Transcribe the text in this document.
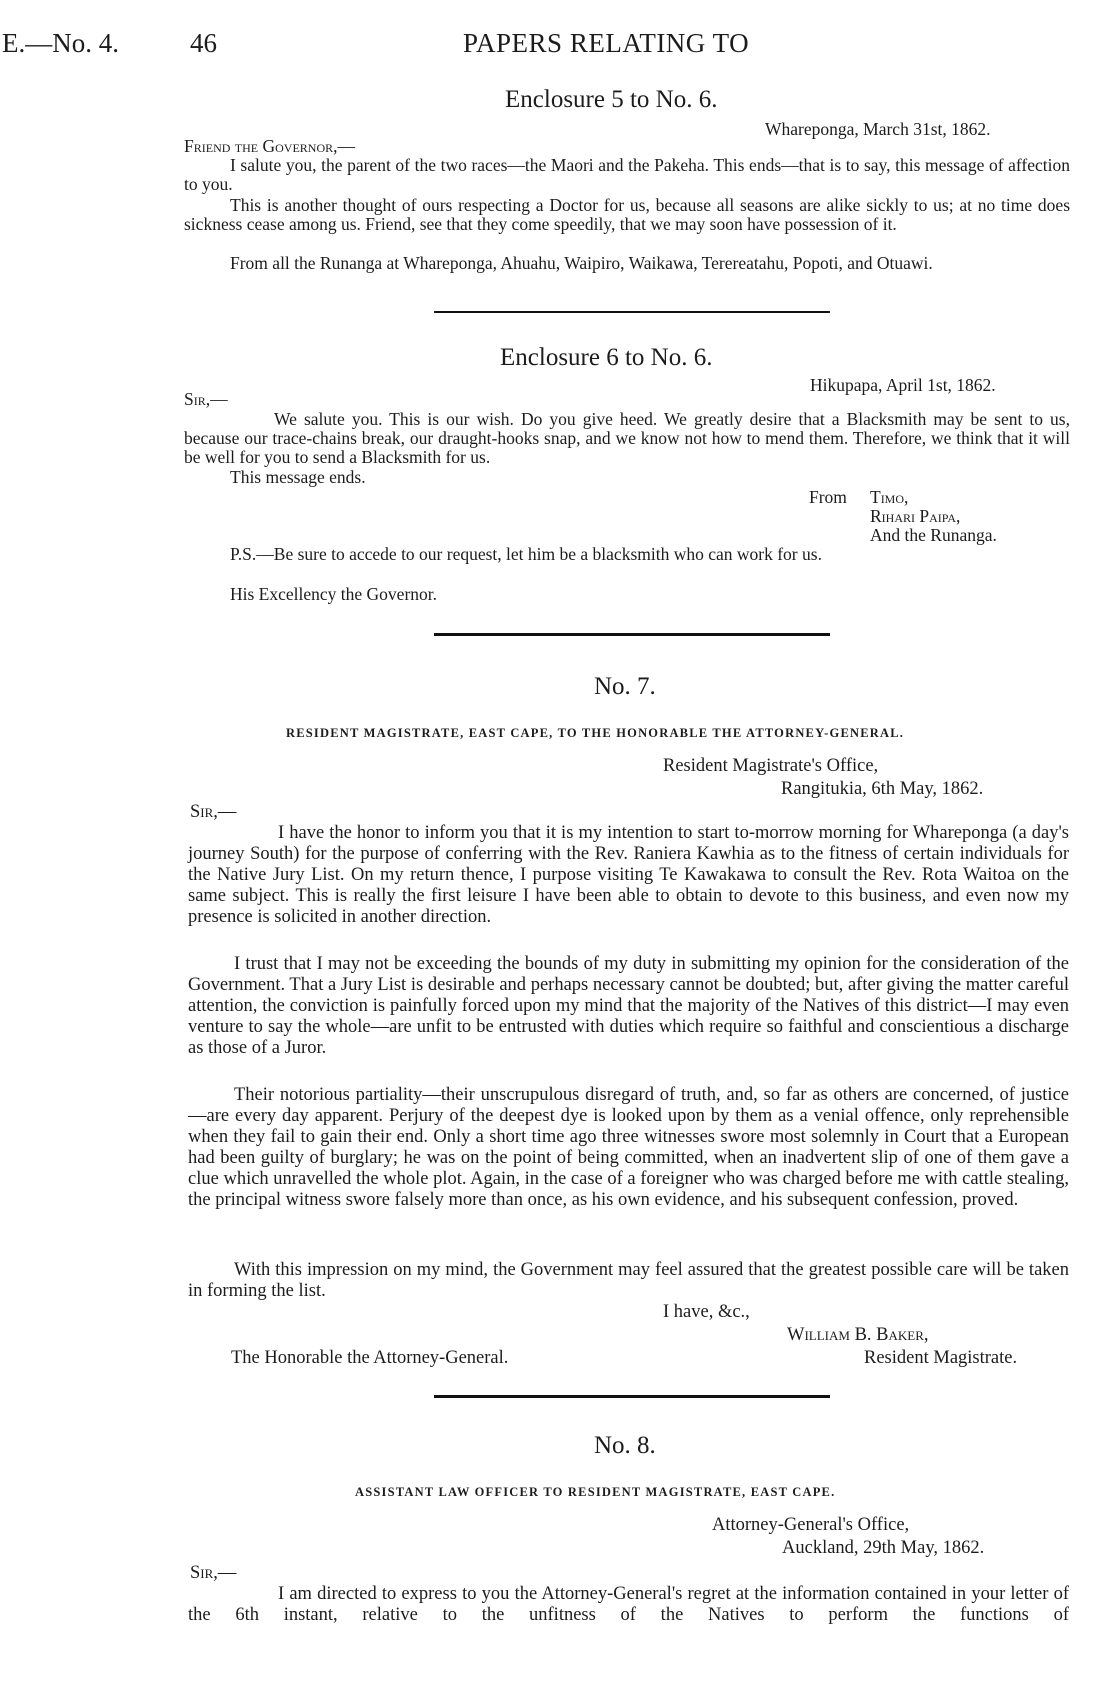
E.—No. 4.	46	PAPERS RELATING TO
Enclosure 5 to No. 6.
Whareponga, March 31st, 1862.
Friend the Governor,—
I salute you, the parent of the two races—the Maori and the Pakeha. This ends—that is to say, this message of affection to you.
This is another thought of ours respecting a Doctor for us, because all seasons are alike sickly to us; at no time does sickness cease among us. Friend, see that they come speedily, that we may soon have possession of it.
From all the Runanga at Whareponga, Ahuahu, Waipiro, Waikawa, Terereatahu, Popoti, and Otuawi.
Enclosure 6 to No. 6.
Hikupapa, April 1st, 1862.
Sir,—
We salute you. This is our wish. Do you give heed. We greatly desire that a Blacksmith may be sent to us, because our trace-chains break, our draught-hooks snap, and we know not how to mend them. Therefore, we think that it will be well for you to send a Blacksmith for us.
This message ends.
From Timo,
Rihari Paipa,
And the Runanga.
P.S.—Be sure to accede to our request, let him be a blacksmith who can work for us.
His Excellency the Governor.
No. 7.
RESIDENT MAGISTRATE, EAST CAPE, TO THE HONORABLE THE ATTORNEY-GENERAL.
Resident Magistrate's Office,
Rangitukia, 6th May, 1862.
Sir,—
I have the honor to inform you that it is my intention to start to-morrow morning for Whareponga (a day's journey South) for the purpose of conferring with the Rev. Raniera Kawhia as to the fitness of certain individuals for the Native Jury List. On my return thence, I purpose visiting Te Kawakawa to consult the Rev. Rota Waitoa on the same subject. This is really the first leisure I have been able to obtain to devote to this business, and even now my presence is solicited in another direction.
I trust that I may not be exceeding the bounds of my duty in submitting my opinion for the consideration of the Government. That a Jury List is desirable and perhaps necessary cannot be doubted; but, after giving the matter careful attention, the conviction is painfully forced upon my mind that the majority of the Natives of this district—I may even venture to say the whole—are unfit to be entrusted with duties which require so faithful and conscientious a discharge as those of a Juror.
Their notorious partiality—their unscrupulous disregard of truth, and, so far as others are concerned, of justice—are every day apparent. Perjury of the deepest dye is looked upon by them as a venial offence, only reprehensible when they fail to gain their end. Only a short time ago three witnesses swore most solemnly in Court that a European had been guilty of burglary; he was on the point of being committed, when an inadvertent slip of one of them gave a clue which unravelled the whole plot. Again, in the case of a foreigner who was charged before me with cattle stealing, the principal witness swore falsely more than once, as his own evidence, and his subsequent confession, proved.
With this impression on my mind, the Government may feel assured that the greatest possible care will be taken in forming the list.
I have, &c.,
William B. Baker,
The Honorable the Attorney-General.	Resident Magistrate.
No. 8.
ASSISTANT LAW OFFICER TO RESIDENT MAGISTRATE, EAST CAPE.
Attorney-General's Office,
Auckland, 29th May, 1862.
Sir,—
I am directed to express to you the Attorney-General's regret at the information contained in your letter of the 6th instant, relative to the unfitness of the Natives to perform the functions of
